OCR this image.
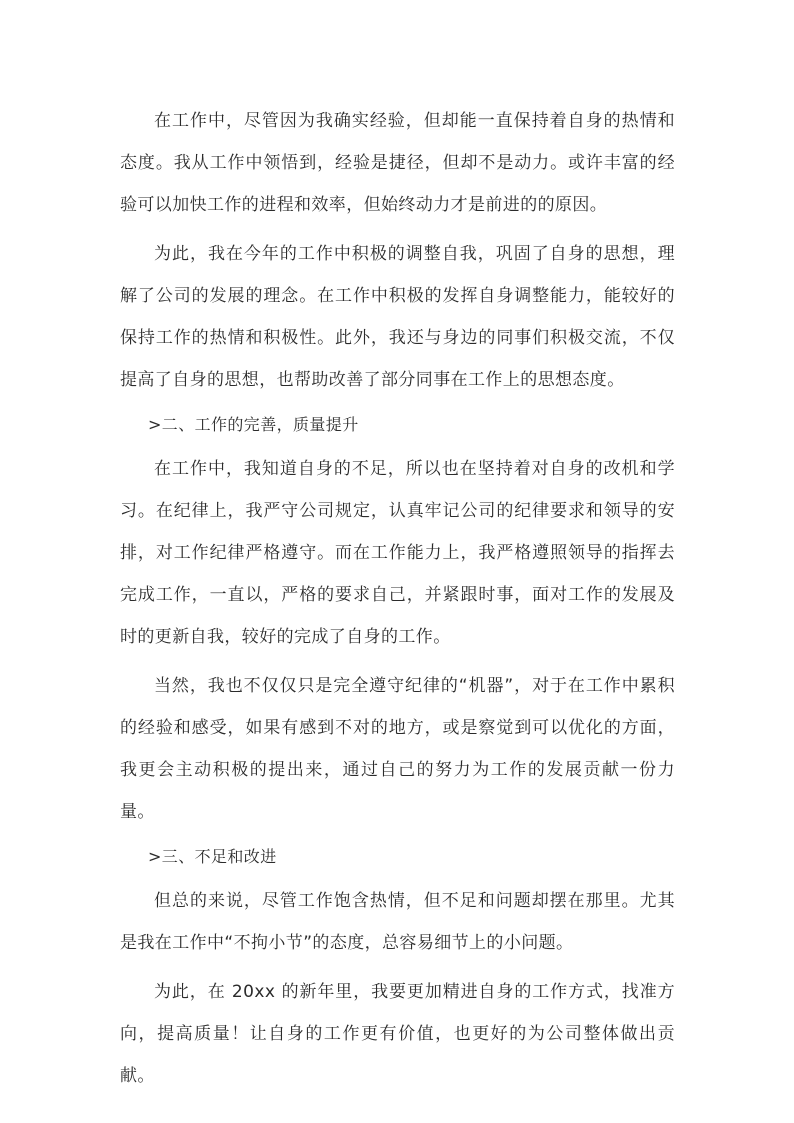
在工作中，尽管因为我确实经验，但却能一直保持着自身的热情和态度。我从工作中领悟到，经验是捷径，但却不是动力。或许丰富的经验可以加快工作的进程和效率，但始终动力才是前进的的原因。

为此，我在今年的工作中积极的调整自我，巩固了自身的思想，理解了公司的发展的理念。在工作中积极的发挥自身调整能力，能较好的保持工作的热情和积极性。此外，我还与身边的同事们积极交流，不仅提高了自身的思想，也帮助改善了部分同事在工作上的思想态度。

>二、工作的完善，质量提升

在工作中，我知道自身的不足，所以也在坚持着对自身的改机和学习。在纪律上，我严守公司规定，认真牢记公司的纪律要求和领导的安排，对工作纪律严格遵守。而在工作能力上，我严格遵照领导的指挥去完成工作，一直以，严格的要求自己，并紧跟时事，面对工作的发展及时的更新自我，较好的完成了自身的工作。

当然，我也不仅仅只是完全遵守纪律的“机器”，对于在工作中累积的经验和感受，如果有感到不对的地方，或是察觉到可以优化的方面，我更会主动积极的提出来，通过自己的努力为工作的发展贡献一份力量。

>三、不足和改进

但总的来说，尽管工作饱含热情，但不足和问题却摆在那里。尤其是我在工作中“不拘小节”的态度，总容易细节上的小问题。

为此，在 20xx 的新年里，我要更加精进自身的工作方式，找准方向，提高质量！让自身的工作更有价值，也更好的为公司整体做出贡献。
